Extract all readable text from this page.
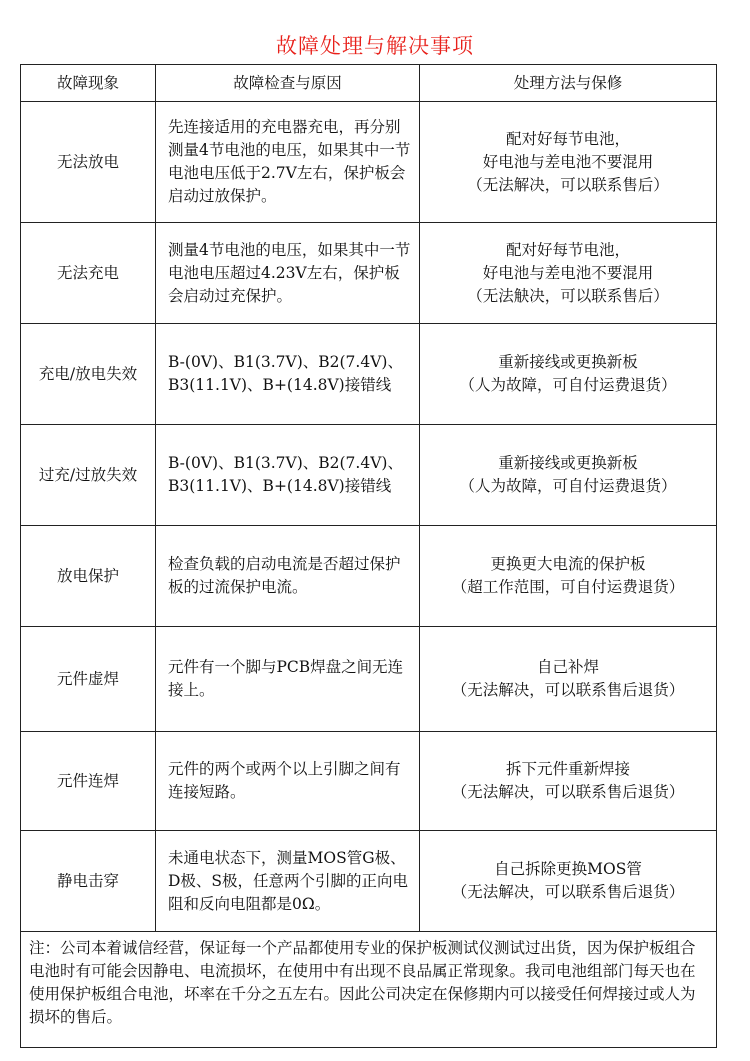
故障处理与解决事项
故障现象	故障检查与原因	处理方法与保修
无法放电	先连接适用的充电器充电，再分别测量4节电池的电压，如果其中一节电池电压低于2.7V左右，保护板会启动过放保护。	配对好每节电池，
好电池与差电池不要混用
（无法解决，可以联系售后）

无法充电	测量4节电池的电压，如果其中一节电池电压超过4.23V左右，保护板会启动过充保护。	配对好每节电池，
好电池与差电池不要混用
（无法觖决，可以联系售后）

充电/放电失效	B-(0V)、B1(3.7V)、B2(7.4V)、B3(11.1V)、B+(14.8V)接错线	重新接线或更换新板
（人为故障，可自付运费退货）

过充/过放失效	B-(0V)、B1(3.7V)、B2(7.4V)、B3(11.1V)、B+(14.8V)接错线	重新接线或更换新板
（人为故障，可自付运费退货）

放电保护	检查负载的启动电流是否超过保护板的过流保护电流。	更换更大电流的保护板
（超工作范围，可自付运费退货）

元件虚焊	元件有一个脚与PCB焊盘之间无连接上。	自己补焊
（无法解决，可以联系售后退货）

元件连焊	元件的两个或两个以上引脚之间有连接短路。	拆下元件重新焊接
（无法解决，可以联系售后退货）

静电击穿	未通电状态下，测量MOS管G极、D极、S极，任意两个引脚的正向电阻和反向电阻都是0Ω。	自己拆除更换MOS管
（无法解决，可以联系售后退货）

注：公司本着诚信经营，保证每一个产品都使用专业的保护板测试仪测试过出货，因为保护板组合电池时有可能会因静电、电流损坏，在使用中有出现不良品属正常现象。我司电池组部门每天也在使用保护板组合电池，坏率在千分之五左右。因此公司决定在保修期内可以接受任何焊接过或人为损坏的售后。		
